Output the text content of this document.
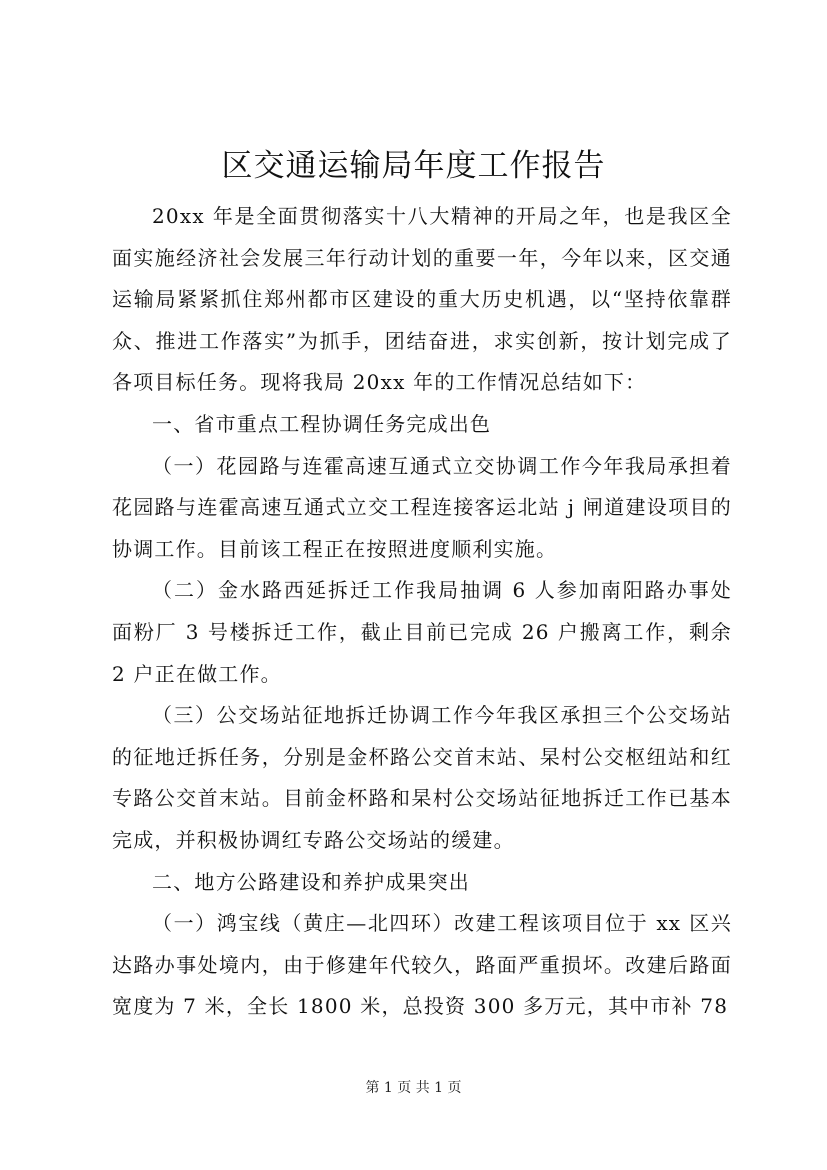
区交通运输局年度工作报告

20xx 年是全面贯彻落实十八大精神的开局之年，也是我区全面实施经济社会发展三年行动计划的重要一年，今年以来，区交通运输局紧紧抓住郑州都市区建设的重大历史机遇，以“坚持依靠群众、推进工作落实”为抓手，团结奋进，求实创新，按计划完成了各项目标任务。现将我局 20xx 年的工作情况总结如下：

一、省市重点工程协调任务完成出色

（一）花园路与连霍高速互通式立交协调工作今年我局承担着花园路与连霍高速互通式立交工程连接客运北站 j 闸道建设项目的协调工作。目前该工程正在按照进度顺利实施。

（二）金水路西延拆迁工作我局抽调 6 人参加南阳路办事处面粉厂 3 号楼拆迁工作，截止目前已完成 26 户搬离工作，剩余 2 户正在做工作。

（三）公交场站征地拆迁协调工作今年我区承担三个公交场站的征地迁拆任务，分别是金杯路公交首末站、杲村公交枢纽站和红专路公交首末站。目前金杯路和杲村公交场站征地拆迁工作已基本完成，并积极协调红专路公交场站的缓建。

二、地方公路建设和养护成果突出

（一）鸿宝线（黄庄—北四环）改建工程该项目位于 xx 区兴达路办事处境内，由于修建年代较久，路面严重损坏。改建后路面宽度为 7 米，全长 1800 米，总投资 300 多万元，其中市补 78

第 1 页 共 1 页
